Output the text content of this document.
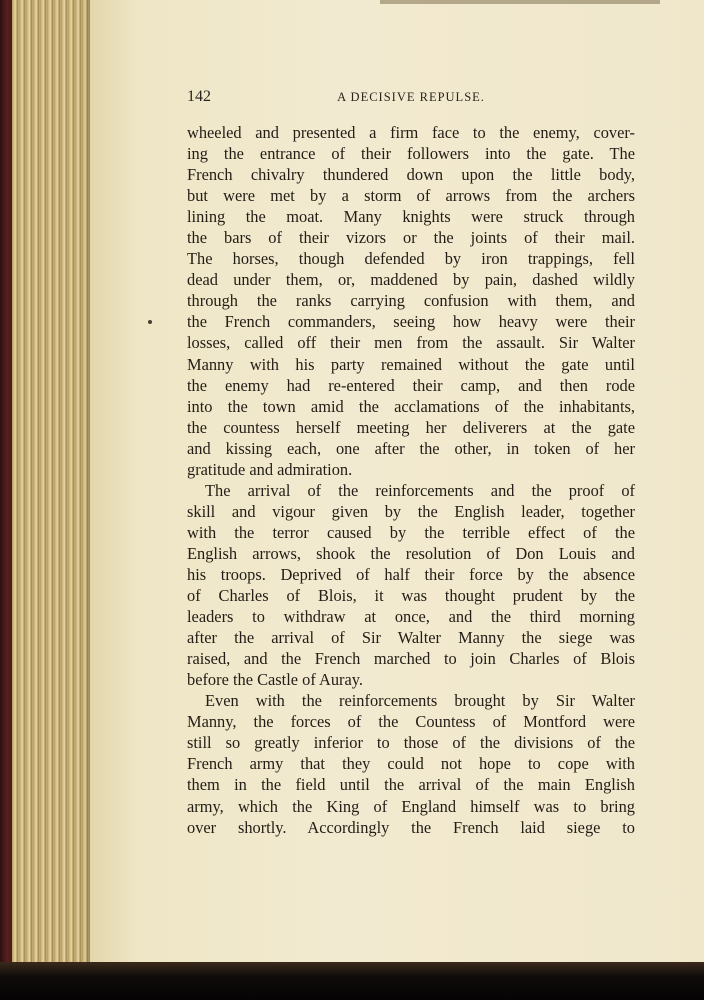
142	A DECISIVE REPULSE.

wheeled and presented a firm face to the enemy, cover-

ing the entrance of their followers into the gate. The

French chivalry thundered down upon the little body,

but were met by a storm of arrows from the archers

lining the moat. Many knights were struck through

the bars of their vizors or the joints of their mail.

The horses, though defended by iron trappings, fell

dead under them, or, maddened by pain, dashed wildly

through the ranks carrying confusion with them, and

the French commanders, seeing how heavy were their

losses, called off their men from the assault. Sir Walter

Manny with his party remained without the gate until

the enemy had re-entered their camp, and then rode

into the town amid the acclamations of the inhabitants,

the countess herself meeting her deliverers at the gate

and kissing each, one after the other, in token of her

gratitude and admiration.

The arrival of the reinforcements and the proof of

skill and vigour given by the English leader, together

with the terror caused by the terrible effect of the

English arrows, shook the resolution of Don Louis and

his troops. Deprived of half their force by the absence

of Charles of Blois, it was thought prudent by the

leaders to withdraw at once, and the third morning

after the arrival of Sir Walter Manny the siege was

raised, and the French marched to join Charles of Blois

before the Castle of Auray.

Even with the reinforcements brought by Sir Walter

Manny, the forces of the Countess of Montford were

still so greatly inferior to those of the divisions of the

French army that they could not hope to cope with

them in the field until the arrival of the main English

army, which the King of England himself was to bring

over shortly. Accordingly the French laid siege to
